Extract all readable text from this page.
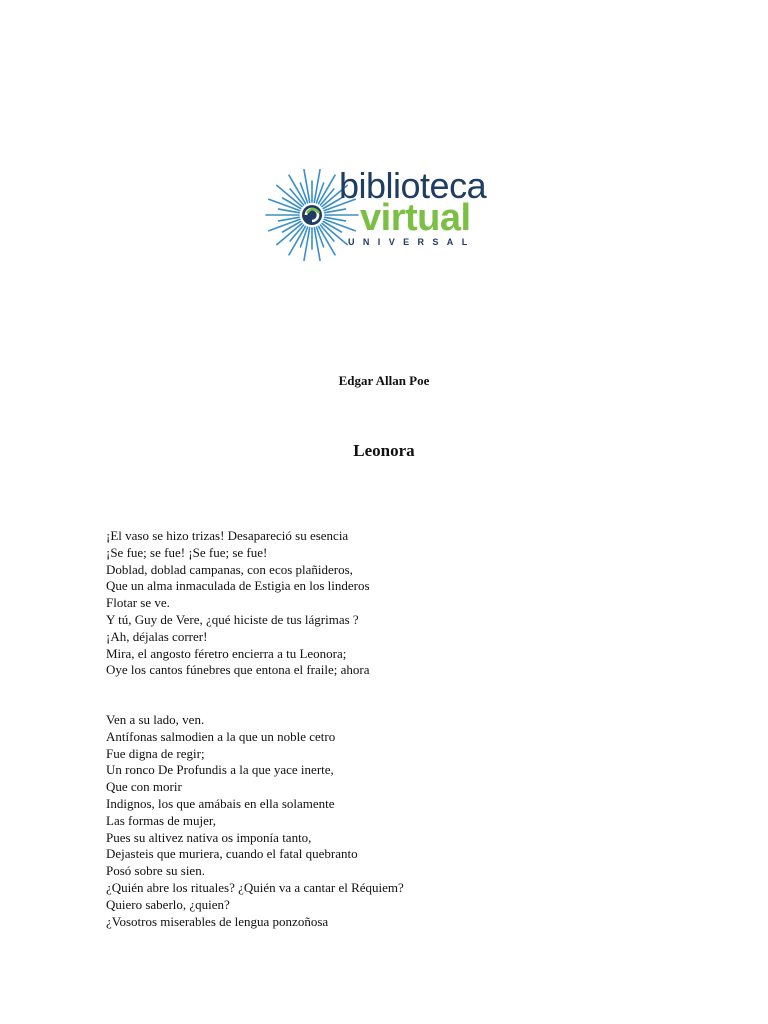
biblioteca
virtual
UNIVERSAL
Edgar Allan Poe
Leonora
¡El vaso se hizo trizas! Desapareció su esencia
¡Se fue; se fue! ¡Se fue; se fue!
Doblad, doblad campanas, con ecos plañideros,
Que un alma inmaculada de Estigia en los linderos
Flotar se ve.
Y tú, Guy de Vere, ¿qué hiciste de tus lágrimas ?
¡Ah, déjalas correr!
Mira, el angosto féretro encierra a tu Leonora;
Oye los cantos fúnebres que entona el fraile; ahora
Ven a su lado, ven.
Antífonas salmodien a la que un noble cetro
Fue digna de regir;
Un ronco De Profundis a la que yace inerte,
Que con morir
Indignos, los que amábais en ella solamente
Las formas de mujer,
Pues su altivez nativa os imponía tanto,
Dejasteis que muriera, cuando el fatal quebranto
Posó sobre su sien.
¿Quién abre los rituales? ¿Quién va a cantar el Réquiem?
Quiero saberlo, ¿quien?
¿Vosotros miserables de lengua ponzoñosa
